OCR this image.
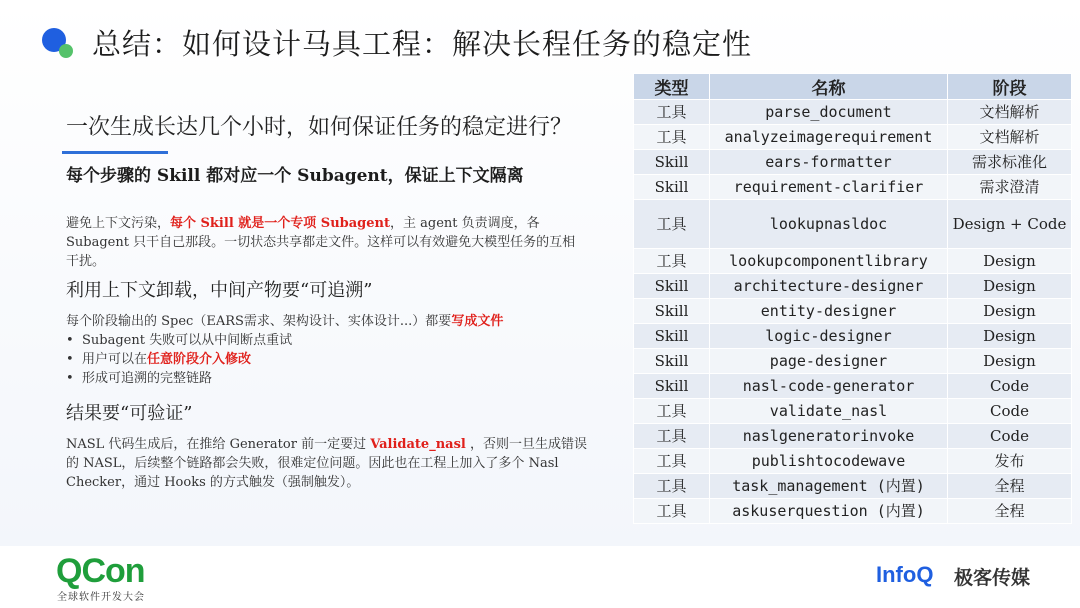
总结：如何设计马具工程：解决长程任务的稳定性
一次生成长达几个小时，如何保证任务的稳定进行？
每个步骤的 Skill 都对应一个 Subagent，保证上下文隔离
避免上下文污染，每个 Skill 就是一个专项 Subagent，主 agent 负责调度，各 Subagent 只干自己那段。一切状态共享都走文件。这样可以有效避免大模型任务的互相干扰。
利用上下文卸载，中间产物要“可追溯”
每个阶段输出的 Spec（EARS需求、架构设计、实体设计...）都要写成文件
• Subagent 失败可以从中间断点重试
• 用户可以在任意阶段介入修改
• 形成可追溯的完整链路
结果要“可验证”
NASL 代码生成后，在推给 Generator 前一定要过 Validate_nasl ，否则一旦生成错误的 NASL，后续整个链路都会失败，很难定位问题。因此也在工程上加入了多个 Nasl Checker，通过 Hooks 的方式触发（强制触发）。
类型	名称	阶段
工具	parse_document	文档解析
工具	analyzeimagerequirement	文档解析
Skill	ears-formatter	需求标准化
Skill	requirement-clarifier	需求澄清
工具	lookupnasldoc	Design + Code
工具	lookupcomponentlibrary	Design
Skill	architecture-designer	Design
Skill	entity-designer	Design
Skill	logic-designer	Design
Skill	page-designer	Design
Skill	nasl-code-generator	Code
工具	validate_nasl	Code
工具	naslgeneratorinvoke	Code
工具	publishtocodewave	发布
工具	task_management (内置)	全程
工具	askuserquestion (内置)	全程
QCon
全球软件开发大会
InfoQ 极客传媒
